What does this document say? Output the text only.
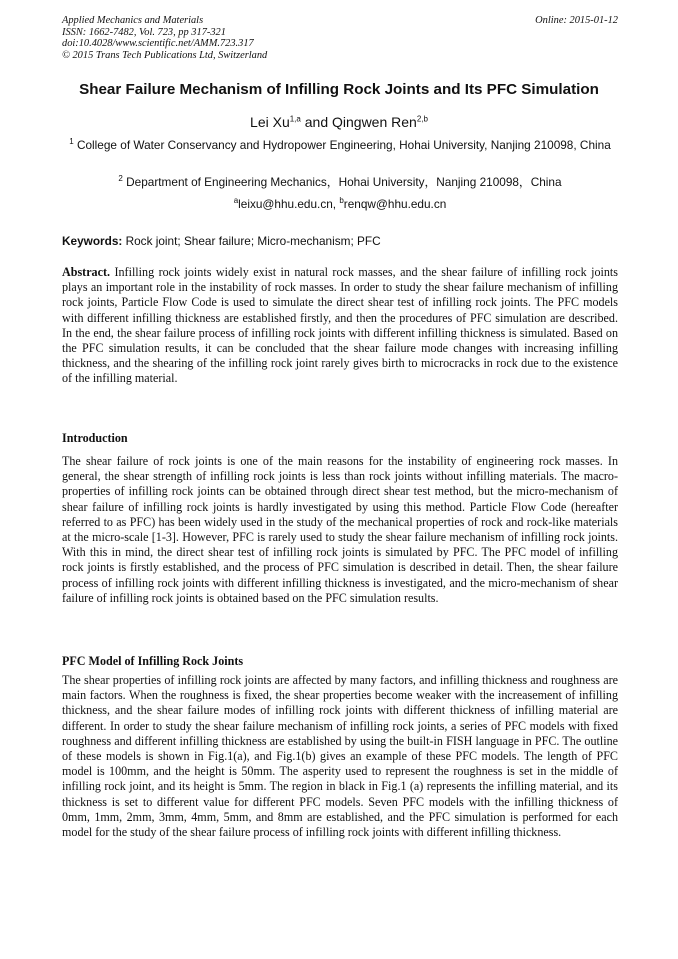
Applied Mechanics and Materials
ISSN: 1662-7482, Vol. 723, pp 317-321
doi:10.4028/www.scientific.net/AMM.723.317
© 2015 Trans Tech Publications Ltd, Switzerland
Online: 2015-01-12
Shear Failure Mechanism of Infilling Rock Joints and Its PFC Simulation
Lei Xu$^{1,a}$ and Qingwen Ren$^{2,b}$
$^1$ College of Water Conservancy and Hydropower Engineering, Hohai University, Nanjing 210098, China
$^2$ Department of Engineering Mechanics，Hohai University，Nanjing 210098，China
$^a$leixu@hhu.edu.cn, $^b$renqw@hhu.edu.cn
Keywords: Rock joint; Shear failure; Micro-mechanism; PFC

Abstract. Infilling rock joints widely exist in natural rock masses, and the shear failure of infilling rock joints plays an important role in the instability of rock masses. In order to study the shear failure mechanism of infilling rock joints, Particle Flow Code is used to simulate the direct shear test of infilling rock joints. The PFC models with different infilling thickness are established firstly, and then the procedures of PFC simulation are described. In the end, the shear failure process of infilling rock joints with different infilling thickness is simulated. Based on the PFC simulation results, it can be concluded that the shear failure mode changes with increasing infilling thickness, and the shearing of the infilling rock joint rarely gives birth to microcracks in rock due to the existence of the infilling material.

Introduction

The shear failure of rock joints is one of the main reasons for the instability of engineering rock masses. In general, the shear strength of infilling rock joints is less than rock joints without infilling materials. The macro-properties of infilling rock joints can be obtained through direct shear test method, but the micro-mechanism of shear failure of infilling rock joints is hardly investigated by using this method. Particle Flow Code (hereafter referred to as PFC) has been widely used in the study of the mechanical properties of rock and rock-like materials at the micro-scale [1-3]. However, PFC is rarely used to study the shear failure mechanism of infilling rock joints. With this in mind, the direct shear test of infilling rock joints is simulated by PFC. The PFC model of infilling rock joints is firstly established, and the process of PFC simulation is described in detail. Then, the shear failure process of infilling rock joints with different infilling thickness is investigated, and the micro-mechanism of shear failure of infilling rock joints is obtained based on the PFC simulation results.

PFC Model of Infilling Rock Joints

The shear properties of infilling rock joints are affected by many factors, and infilling thickness and roughness are main factors. When the roughness is fixed, the shear properties become weaker with the increasement of infilling thickness, and the shear failure modes of infilling rock joints with different thickness of infilling material are different. In order to study the shear failure mechanism of infilling rock joints, a series of PFC models with fixed roughness and different infilling thickness are established by using the built-in FISH language in PFC. The outline of these models is shown in Fig.1(a), and Fig.1(b) gives an example of these PFC models. The length of PFC model is 100mm, and the height is 50mm. The asperity used to represent the roughness is set in the middle of infilling rock joint, and its height is 5mm. The region in black in Fig.1 (a) represents the infilling material, and its thickness is set to different value for different PFC models. Seven PFC models with the infilling thickness of 0mm, 1mm, 2mm, 3mm, 4mm, 5mm, and 8mm are established, and the PFC simulation is performed for each model for the study of the shear failure process of infilling rock joints with different infilling thickness.
